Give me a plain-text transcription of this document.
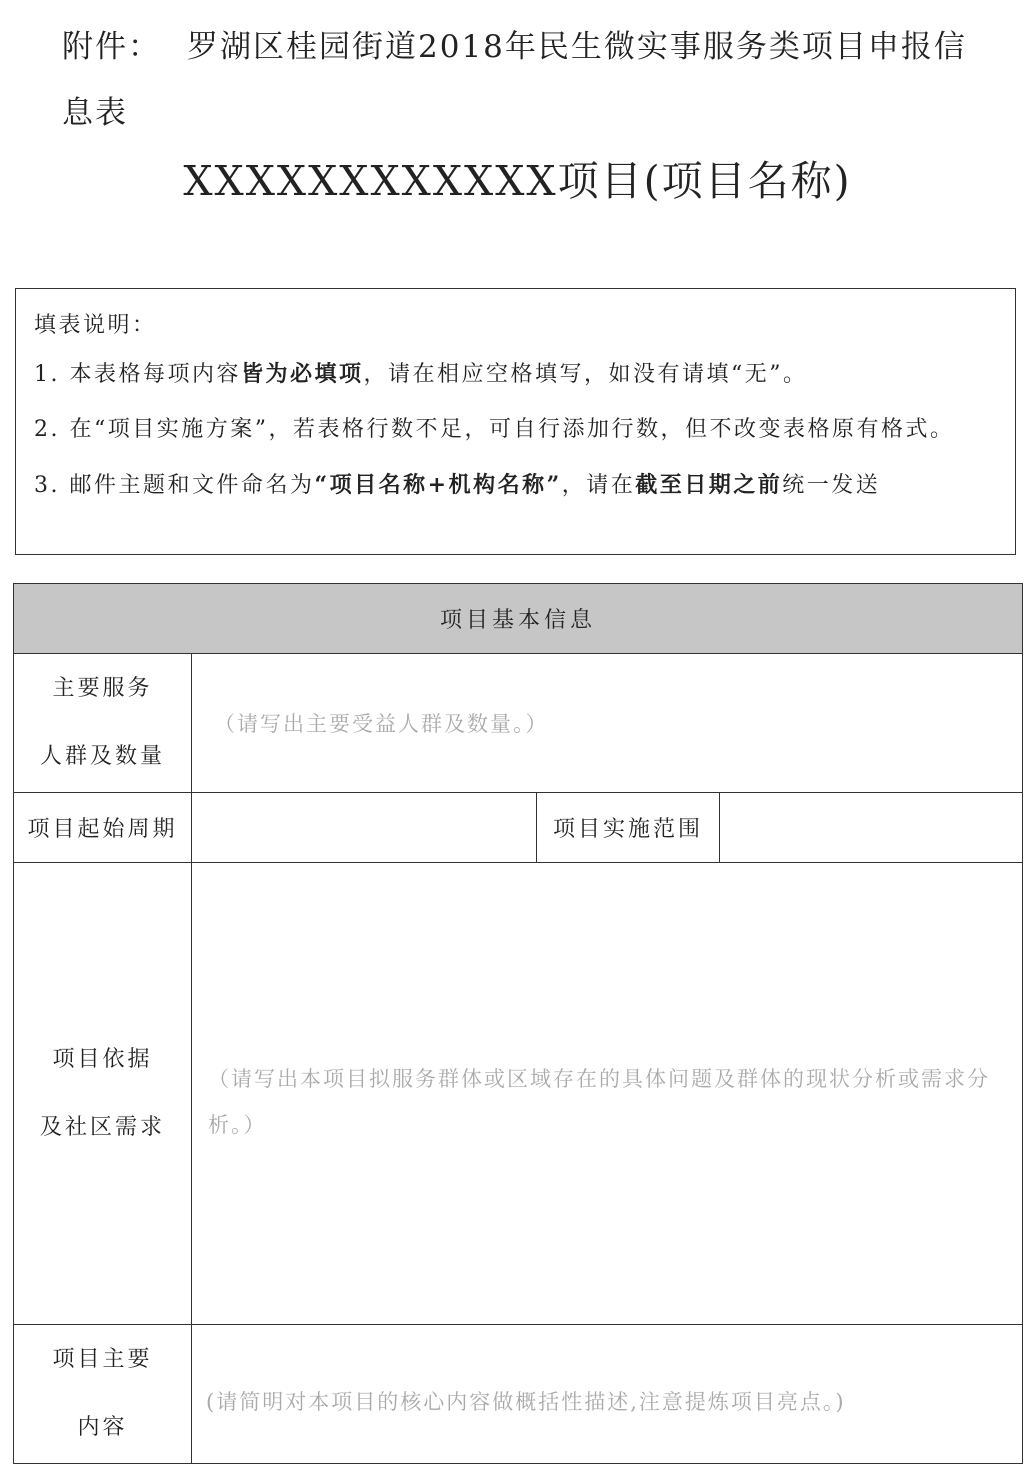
附件： 罗湖区桂园街道2018年民生微实事服务类项目申报信息表
XXXXXXXXXXXX项目(项目名称)
填表说明：
1. 本表格每项内容皆为必填项，请在相应空格填写，如没有请填“无”。
2. 在“项目实施方案”，若表格行数不足，可自行添加行数，但不改变表格原有格式。
3. 邮件主题和文件命名为“项目名称+机构名称”，请在截至日期之前统一发送
项目基本信息			

主要服务
人群及数量	（请写出主要受益人群及数量。）		

项目起始周期		项目实施范围	

项目依据
及社区需求	（请写出本项目拟服务群体或区域存在的具体问题及群体的现状分析或需求分析。）		

项目主要
内容	(请简明对本项目的核心内容做概括性描述,注意提炼项目亮点。)		
